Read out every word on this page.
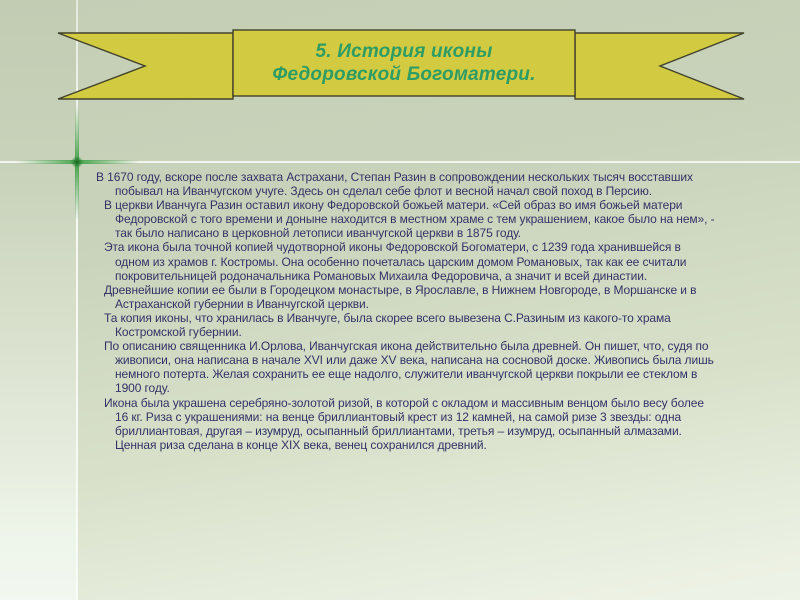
5. История иконы
Федоровской Богоматери.

В 1670 году, вскоре после захвата Астрахани, Степан Разин в сопровождении нескольких тысяч восставших побывал на Иванчугском учуге. Здесь он сделал себе флот и весной начал свой поход в Персию.

В церкви Иванчуга Разин оставил икону Федоровской божьей матери. «Сей образ во имя божьей матери Федоровской с того времени и доныне находится в местном храме с тем украшением, какое было на нем», - так было написано в церковной летописи иванчугской церкви в 1875 году.

Эта икона была точной копией чудотворной иконы Федоровской Богоматери, с 1239 года хранившейся в одном из храмов г. Костромы. Она особенно почеталась царским домом Романовых, так как ее считали покровительницей родоначальника Романовых Михаила Федоровича, а значит и всей династии.

Древнейшие копии ее были в Городецком монастыре, в Ярославле, в Нижнем Новгороде, в Моршанске и в Астраханской губернии в Иванчугской церкви.

Та копия иконы, что хранилась в Иванчуге, была скорее всего вывезена С.Разиным из какого-то храма Костромской губернии.

По описанию священника И.Орлова, Иванчугская икона действительно была древней. Он пишет, что, судя по живописи, она написана в начале XVI или даже XV века, написана на сосновой доске. Живопись была лишь немного потерта. Желая сохранить ее еще надолго, служители иванчугской церкви покрыли ее стеклом в 1900 году.

Икона была украшена серебряно-золотой ризой, в которой с окладом и массивным венцом было весу более 16 кг. Риза с украшениями: на венце бриллиантовый крест из 12 камней, на самой ризе 3 звезды: одна бриллиантовая, другая – изумруд, осыпанный бриллиантами, третья – изумруд, осыпанный алмазами. Ценная риза сделана в конце XIX века, венец сохранился древний.
